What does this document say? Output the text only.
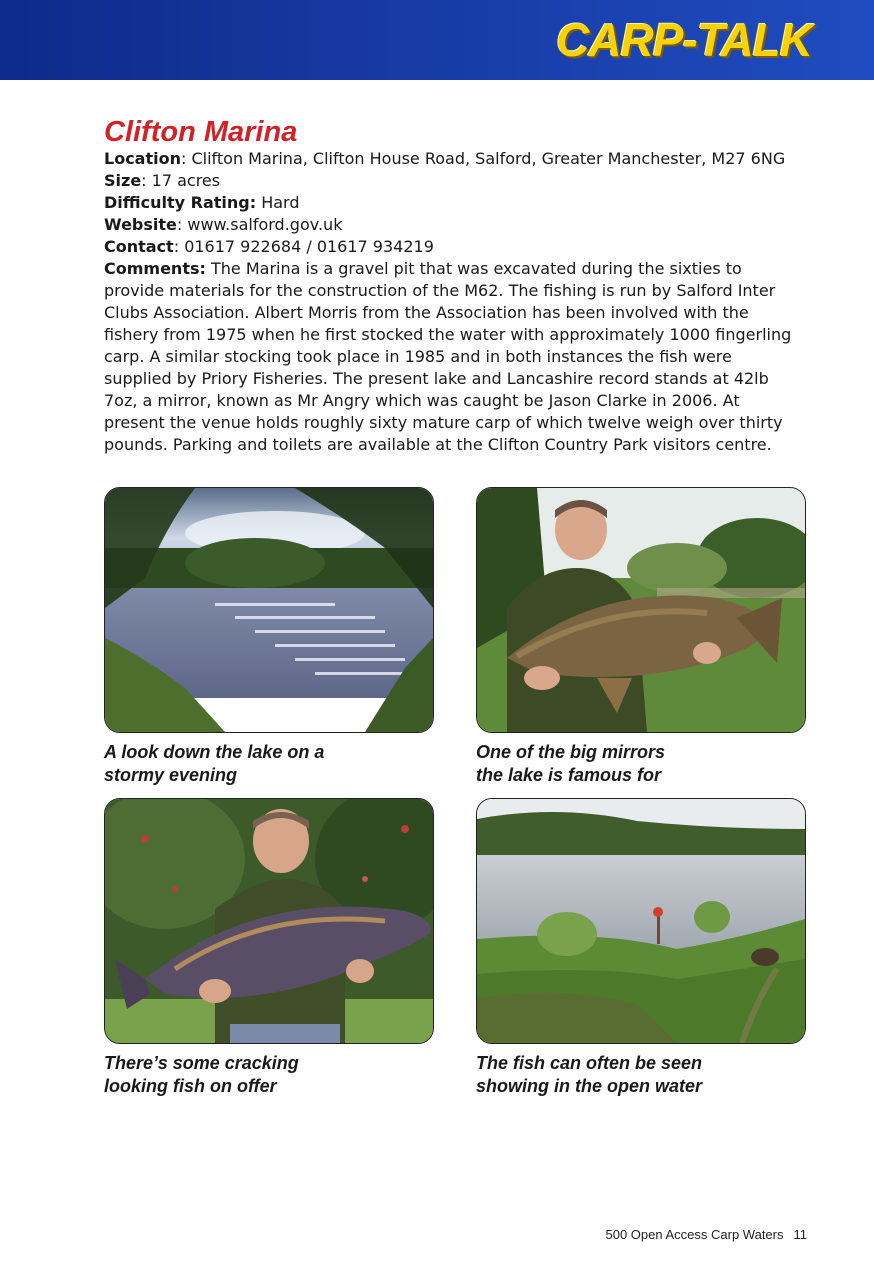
CARP-TALK
Clifton Marina

Location: Clifton Marina, Clifton House Road, Salford, Greater Manchester, M27 6NG

Size: 17 acres

Difficulty Rating: Hard

Website: www.salford.gov.uk

Contact: 01617 922684 / 01617 934219

Comments: The Marina is a gravel pit that was excavated during the sixties to provide materials for the construction of the M62. The fishing is run by Salford Inter Clubs Association. Albert Morris from the Association has been involved with the fishery from 1975 when he first stocked the water with approximately 1000 fingerling carp. A similar stocking took place in 1985 and in both instances the fish were supplied by Priory Fisheries. The present lake and Lancashire record stands at 42lb 7oz, a mirror, known as Mr Angry which was caught be Jason Clarke in 2006. At present the venue holds roughly sixty mature carp of which twelve weigh over thirty pounds. Parking and toilets are available at the Clifton Country Park visitors centre.

A look down the lake on a
stormy evening

One of the big mirrors
the lake is famous for

There’s some cracking
looking fish on offer

The fish can often be seen
showing in the open water

500 Open Access Carp Waters 11
